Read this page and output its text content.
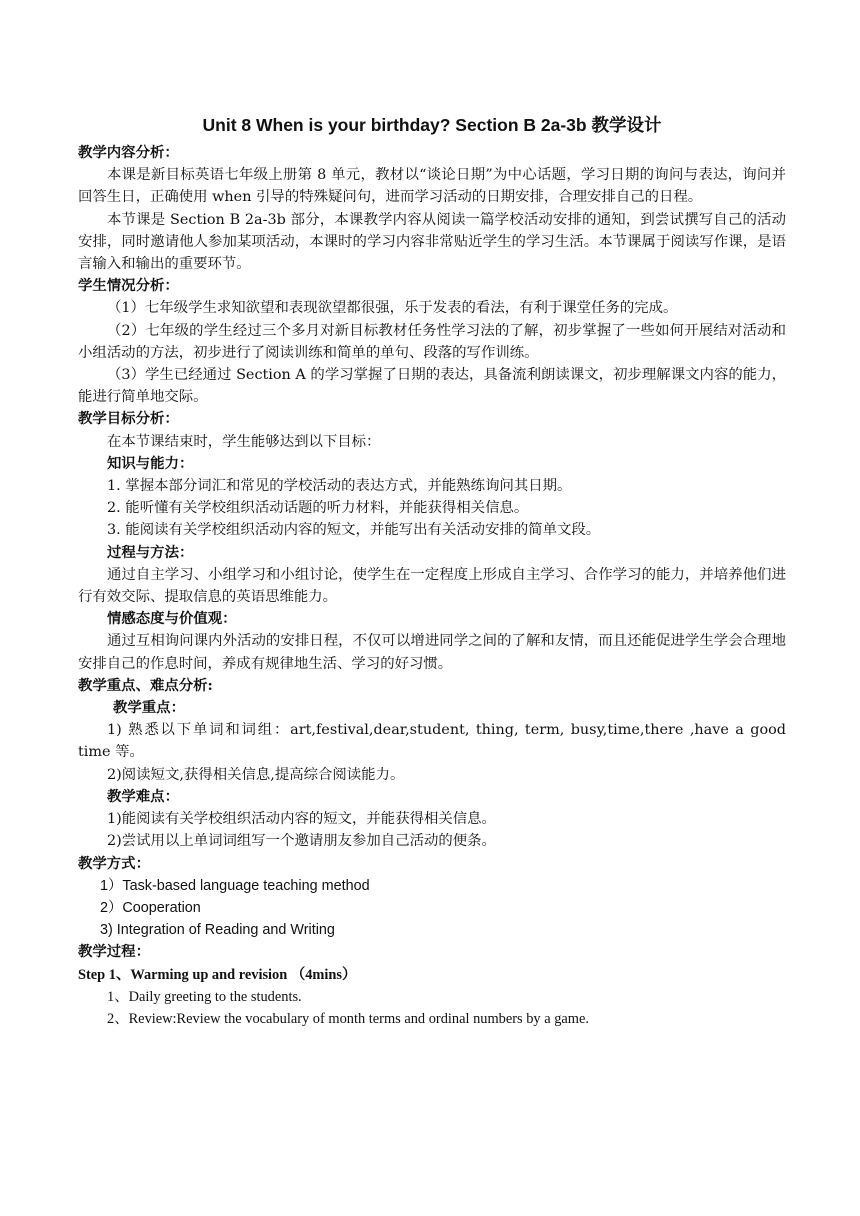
Unit 8 When is your birthday? Section B 2a-3b 教学设计

教学内容分析：

本课是新目标英语七年级上册第 8 单元，教材以“谈论日期”为中心话题，学习日期的询问与表达，询问并回答生日，正确使用 when 引导的特殊疑问句，进而学习活动的日期安排，合理安排自己的日程。

本节课是 Section B 2a-3b 部分，本课教学内容从阅读一篇学校活动安排的通知，到尝试撰写自己的活动安排，同时邀请他人参加某项活动，本课时的学习内容非常贴近学生的学习生活。本节课属于阅读写作课，是语言输入和输出的重要环节。

学生情况分析：

（1）七年级学生求知欲望和表现欲望都很强，乐于发表的看法，有利于课堂任务的完成。

（2）七年级的学生经过三个多月对新目标教材任务性学习法的了解，初步掌握了一些如何开展结对活动和小组活动的方法，初步进行了阅读训练和简单的单句、段落的写作训练。

（3）学生已经通过 Section A 的学习掌握了日期的表达，具备流利朗读课文，初步理解课文内容的能力，能进行简单地交际。

教学目标分析：

在本节课结束时，学生能够达到以下目标：

知识与能力：

1. 掌握本部分词汇和常见的学校活动的表达方式，并能熟练询问其日期。

2. 能听懂有关学校组织活动话题的听力材料，并能获得相关信息。

3. 能阅读有关学校组织活动内容的短文，并能写出有关活动安排的简单文段。

过程与方法：

通过自主学习、小组学习和小组讨论，使学生在一定程度上形成自主学习、合作学习的能力，并培养他们进行有效交际、提取信息的英语思维能力。

情感态度与价值观：

通过互相询问课内外活动的安排日程，不仅可以增进同学之间的了解和友情，而且还能促进学生学会合理地安排自己的作息时间，养成有规律地生活、学习的好习惯。

教学重点、难点分析:

教学重点：

1) 熟悉以下单词和词组：art,festival,dear,student, thing, term, busy,time,there ,have a good time 等。

2)阅读短文,获得相关信息,提高综合阅读能力。

教学难点：

1)能阅读有关学校组织活动内容的短文，并能获得相关信息。

2)尝试用以上单词词组写一个邀请朋友参加自己活动的便条。

教学方式：

1）Task-based language teaching method

2）Cooperation

3) Integration of Reading and Writing

教学过程：

Step 1、Warming up and revision （4mins）

1、Daily greeting to the students.

2、Review:Review the vocabulary of month terms and ordinal numbers by a game.
